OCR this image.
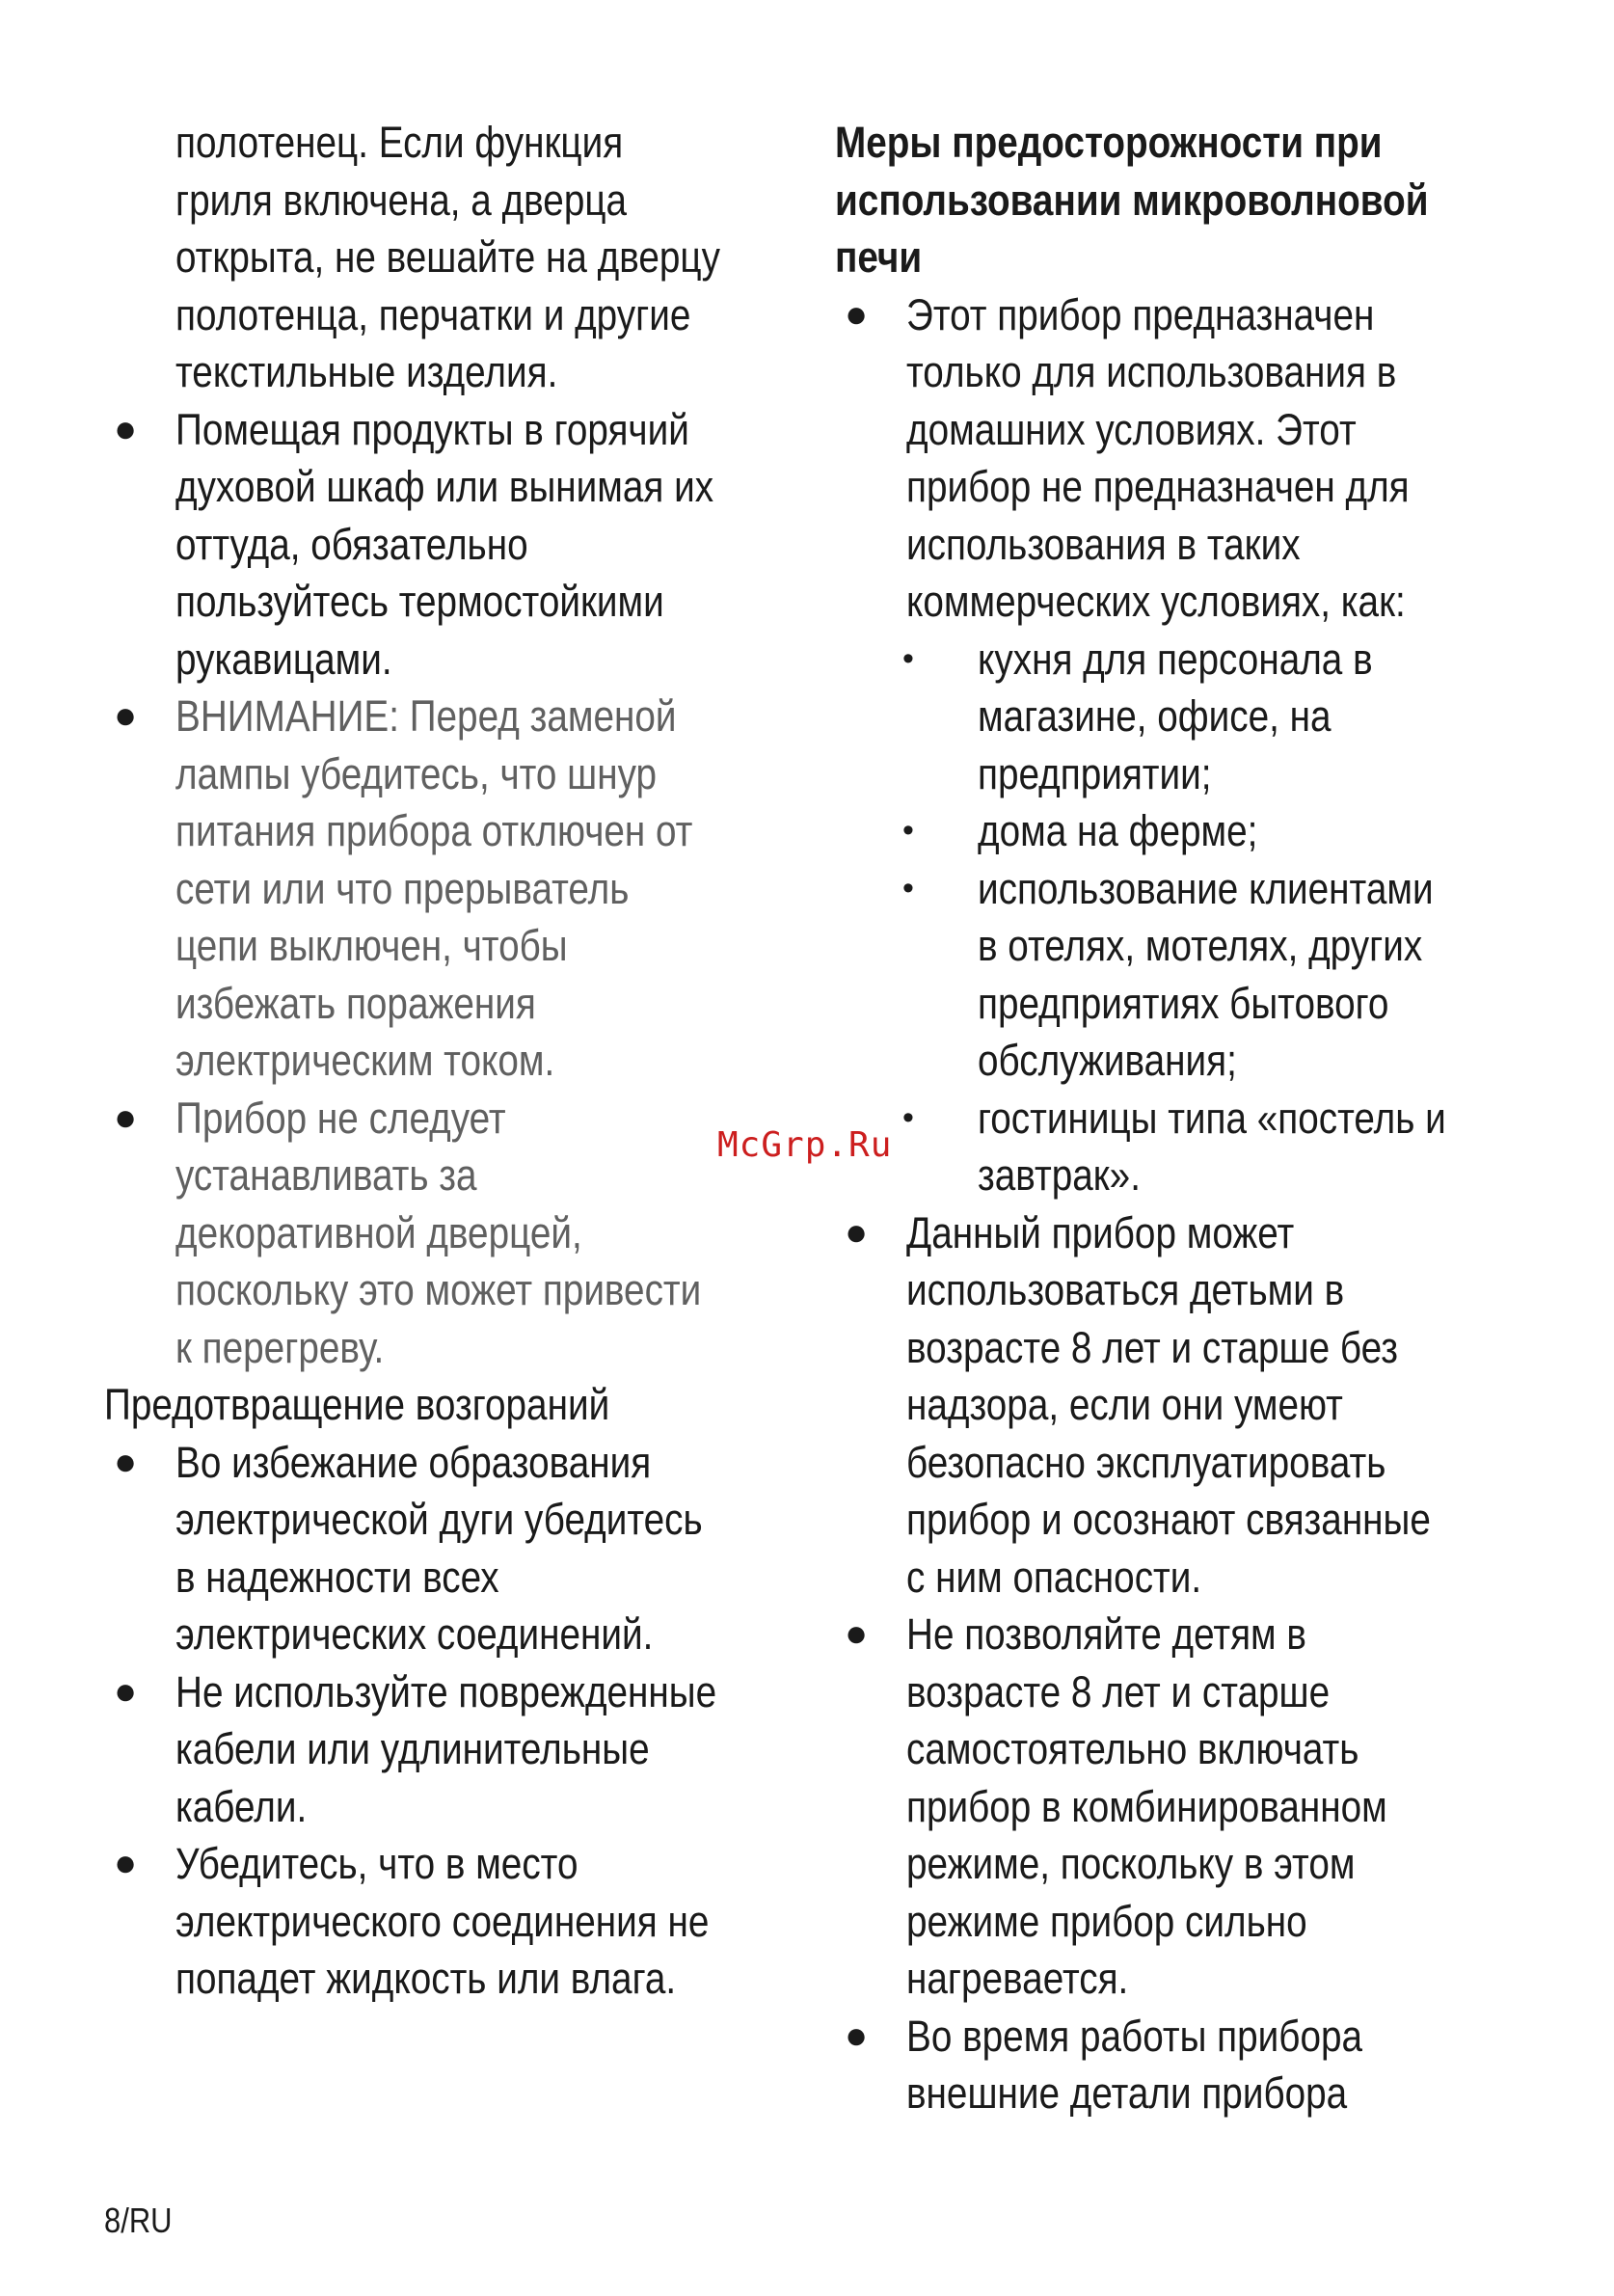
полотенец. Если функция

гриля включена, а дверца

открыта, не вешайте на дверцу

полотенца, перчатки и другие

текстильные изделия.

● Помещая продукты в горячий

духовой шкаф или вынимая их

оттуда, обязательно

пользуйтесь термостойкими

рукавицами.

● ВНИМАНИЕ: Перед заменой

лампы убедитесь, что шнур

питания прибора отключен от

сети или что прерыватель

цепи выключен, чтобы

избежать поражения

электрическим током.

● Прибор не следует

устанавливать за

декоративной дверцей,

поскольку это может привести

к перегреву.

Предотвращение возгораний

● Во избежание образования

электрической дуги убедитесь

в надежности всех

электрических соединений.

● Не используйте поврежденные

кабели или удлинительные

кабели.

● Убедитесь, что в место

электрического соединения не

попадет жидкость или влага.

Меры предосторожности при

использовании микроволновой

печи

● Этот прибор предназначен

только для использования в

домашних условиях. Этот

прибор не предназначен для

использования в таких

коммерческих условиях, как:

• кухня для персонала в

магазине, офисе, на

предприятии;

• дома на ферме;

• использование клиентами

в отелях, мотелях, других

предприятиях бытового

обслуживания;

• гостиницы типа «постель и

завтрак».

● Данный прибор может

использоваться детьми в

возрасте 8 лет и старше без

надзора, если они умеют

безопасно эксплуатировать

прибор и осознают связанные

с ним опасности.

● Не позволяйте детям в

возрасте 8 лет и старше

самостоятельно включать

прибор в комбинированном

режиме, поскольку в этом

режиме прибор сильно

нагревается.

● Во время работы прибора

внешние детали прибора

McGrp.Ru
8/RU
